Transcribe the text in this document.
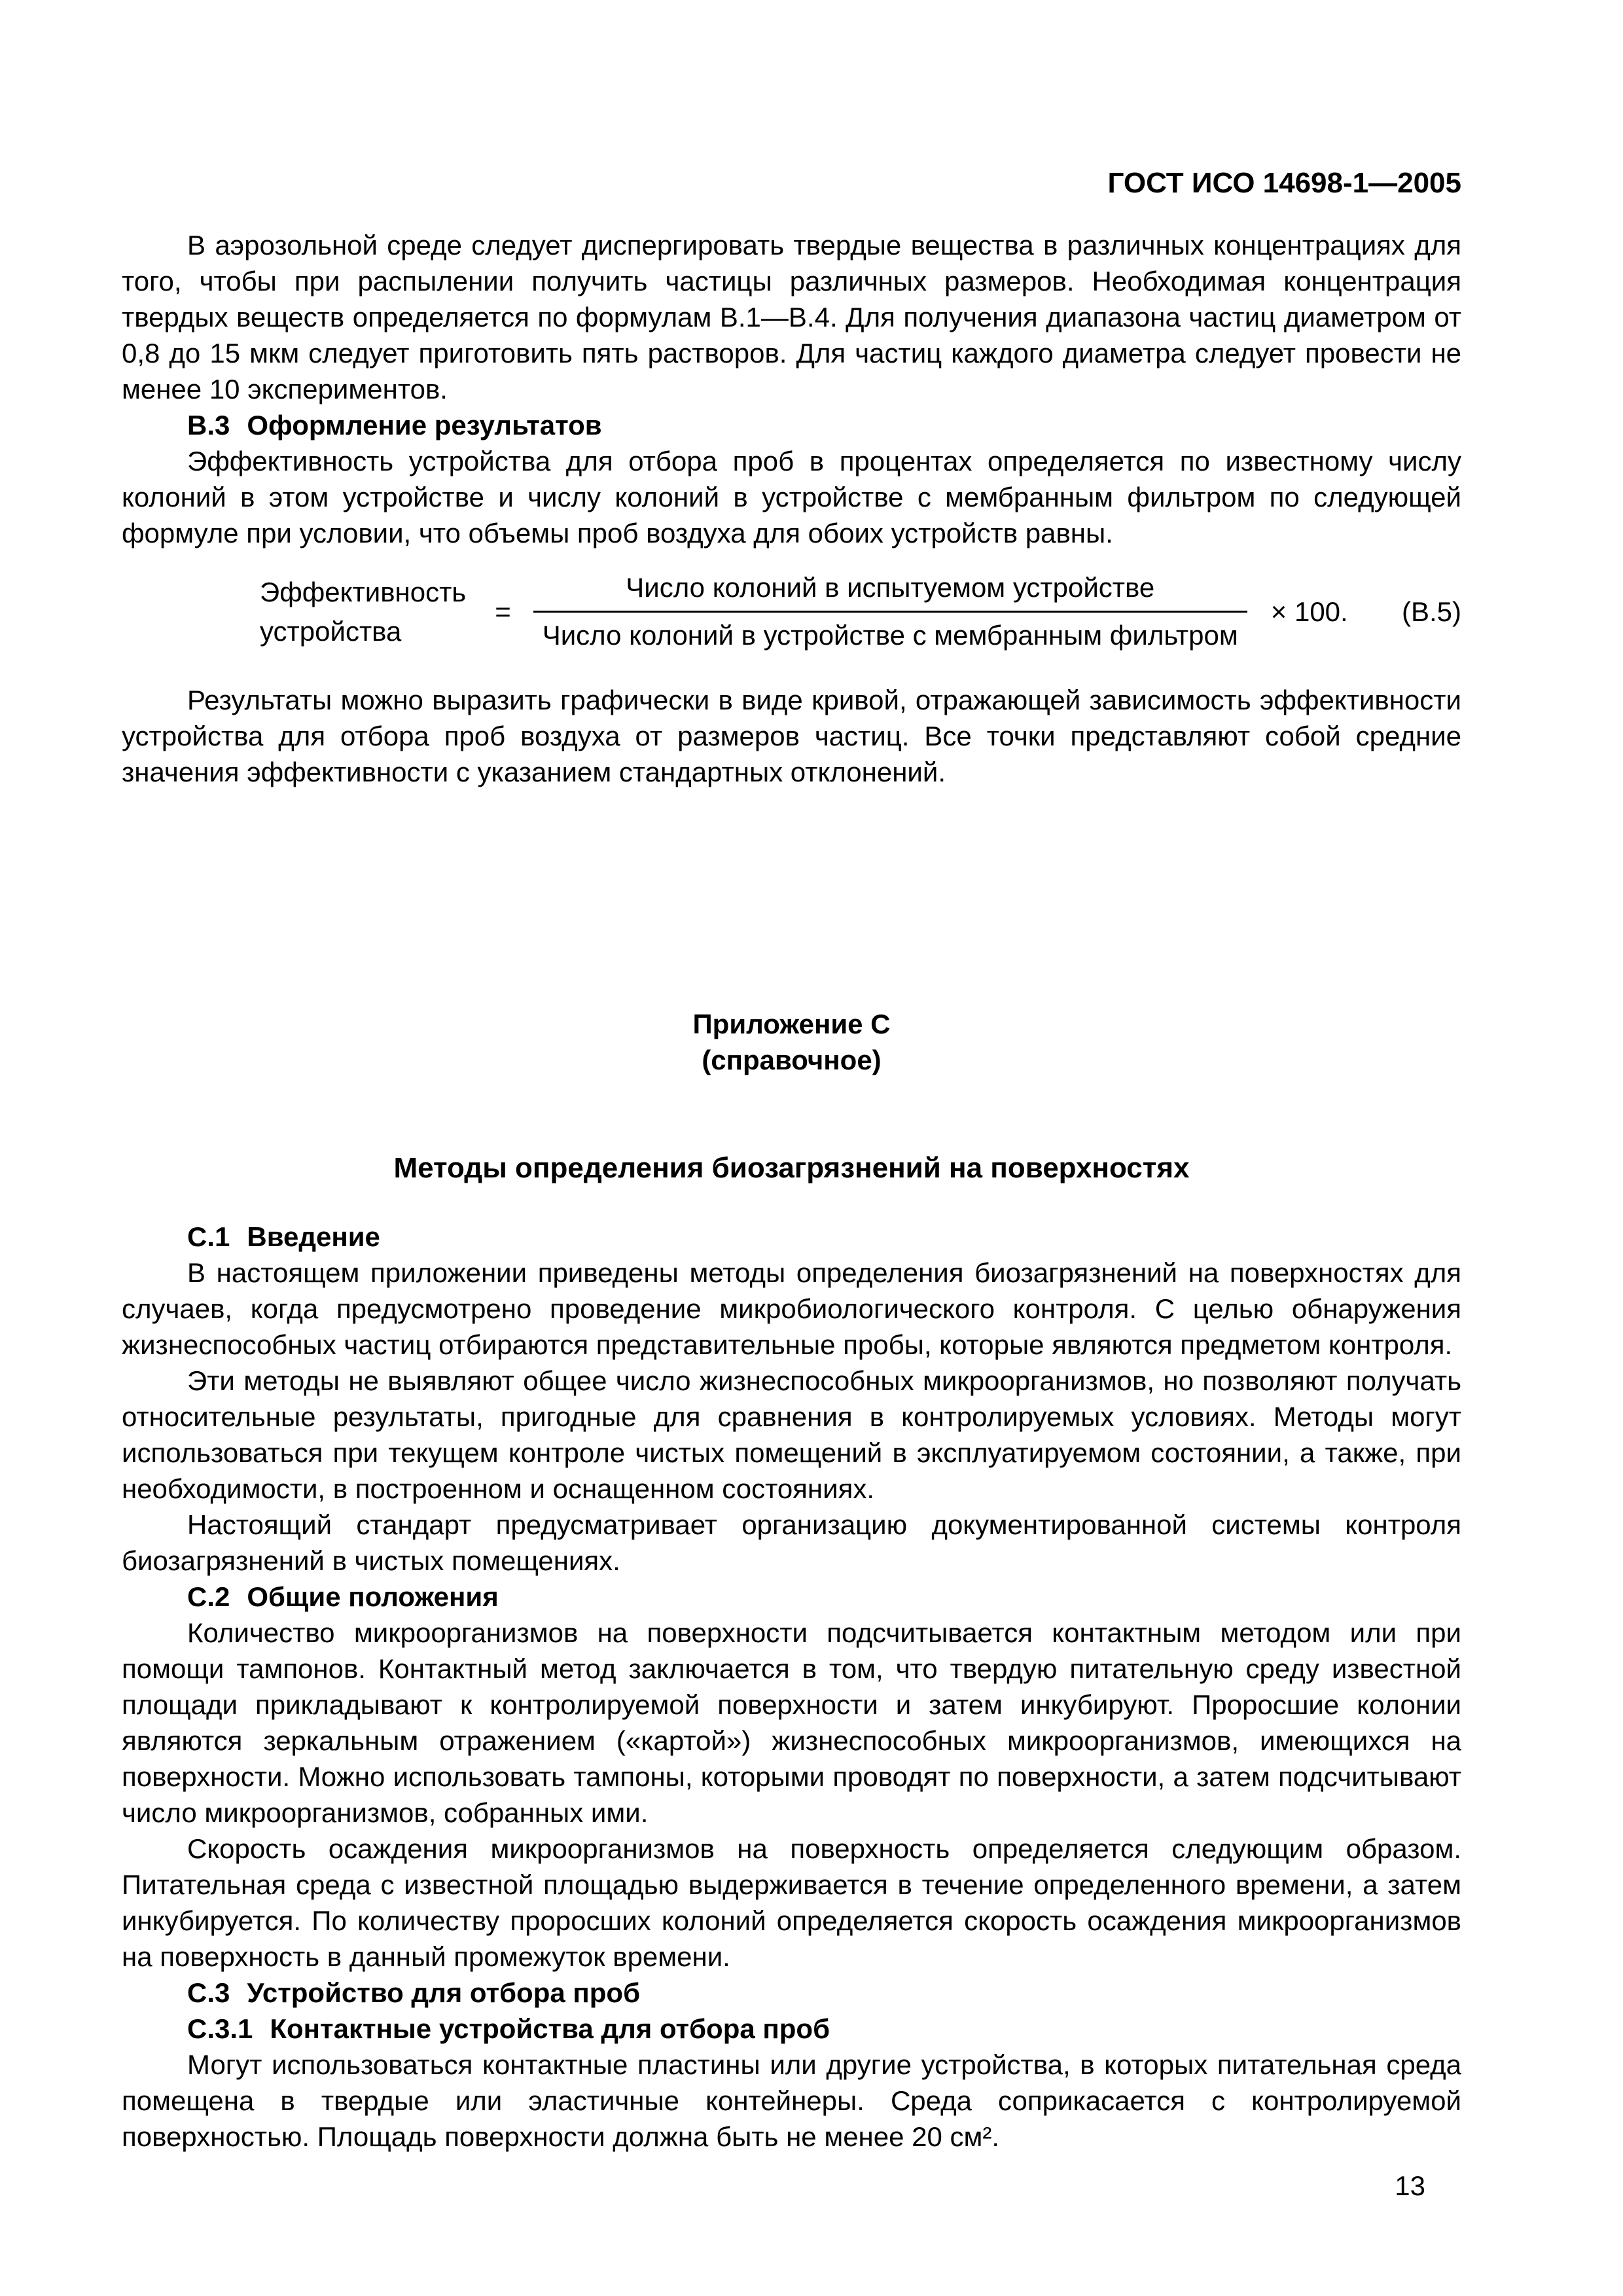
ГОСТ ИСО 14698-1—2005

В аэрозольной среде следует диспергировать твердые вещества в различных концентрациях для того, чтобы при распылении получить частицы различных размеров. Необходимая концентрация твердых веществ определяется по формулам В.1—В.4. Для получения диапазона частиц диаметром от 0,8 до 15 мкм следует приготовить пять растворов. Для частиц каждого диаметра следует провести не менее 10 экспериментов.

В.3 Оформление результатов

Эффективность устройства для отбора проб в процентах определяется по известному числу колоний в этом устройстве и числу колоний в устройстве с мембранным фильтром по следующей формуле при условии, что объемы проб воздуха для обоих устройств равны.

Эффективность
устройства
= $\frac{\text{Число колоний в испытуемом устройстве}}{\text{Число колоний в устройстве с мембранным фильтром}} \times 100$. (В.5)

Результаты можно выразить графически в виде кривой, отражающей зависимость эффективности устройства для отбора проб воздуха от размеров частиц. Все точки представляют собой средние значения эффективности с указанием стандартных отклонений.

Приложение С
(справочное)
Методы определения биозагрязнений на поверхностях
С.1 Введение

В настоящем приложении приведены методы определения биозагрязнений на поверхностях для случаев, когда предусмотрено проведение микробиологического контроля. С целью обнаружения жизнеспособных частиц отбираются представительные пробы, которые являются предметом контроля.

Эти методы не выявляют общее число жизнеспособных микроорганизмов, но позволяют получать относительные результаты, пригодные для сравнения в контролируемых условиях. Методы могут использоваться при текущем контроле чистых помещений в эксплуатируемом состоянии, а также, при необходимости, в построенном и оснащенном состояниях.

Настоящий стандарт предусматривает организацию документированной системы контроля биозагрязнений в чистых помещениях.

С.2 Общие положения

Количество микроорганизмов на поверхности подсчитывается контактным методом или при помощи тампонов. Контактный метод заключается в том, что твердую питательную среду известной площади прикладывают к контролируемой поверхности и затем инкубируют. Проросшие колонии являются зеркальным отражением («картой») жизнеспособных микроорганизмов, имеющихся на поверхности. Можно использовать тампоны, которыми проводят по поверхности, а затем подсчитывают число микроорганизмов, собранных ими.

Скорость осаждения микроорганизмов на поверхность определяется следующим образом. Питательная среда с известной площадью выдерживается в течение определенного времени, а затем инкубируется. По количеству проросших колоний определяется скорость осаждения микроорганизмов на поверхность в данный промежуток времени.

С.3 Устройство для отбора проб
С.3.1 Контактные устройства для отбора проб

Могут использоваться контактные пластины или другие устройства, в которых питательная среда помещена в твердые или эластичные контейнеры. Среда соприкасается с контролируемой поверхностью. Площадь поверхности должна быть не менее 20 см².

13
